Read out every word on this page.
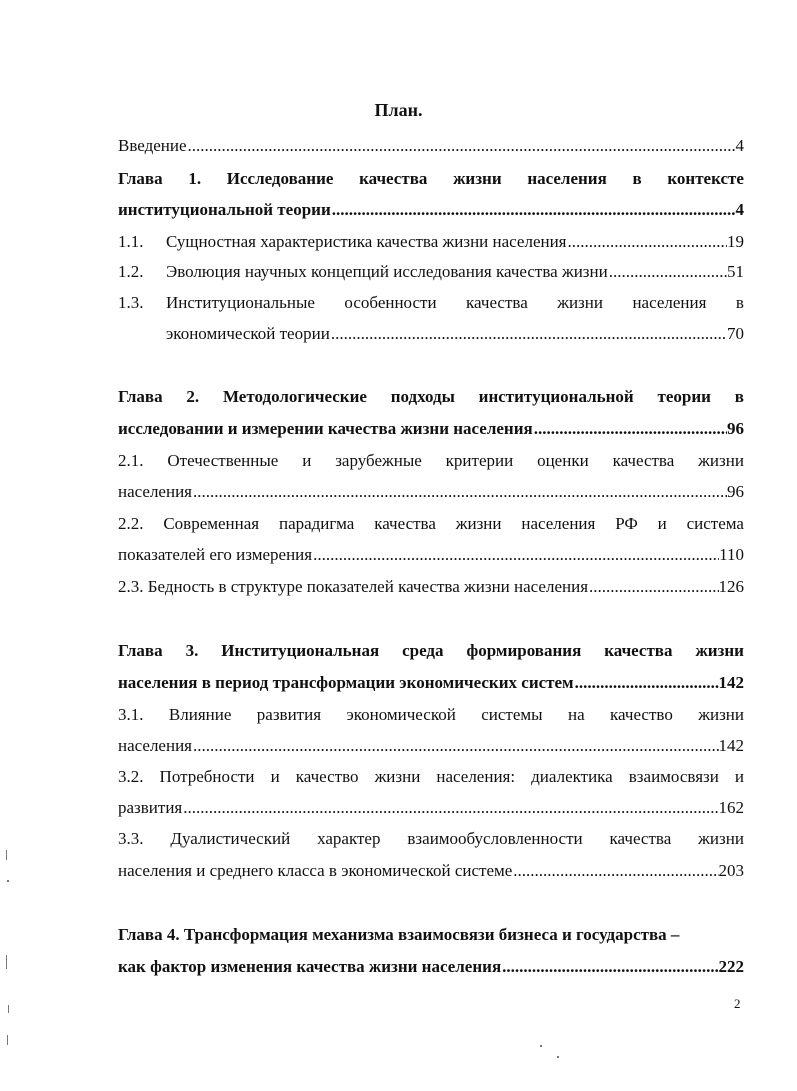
План.
Введение .....	4
Глава 1. Исследование качества жизни населения в контексте
институциональной теории .....	4
1.1. Сущностная характеристика качества жизни населения .....	19
1.2. Эволюция научных концепций исследования качества жизни .....	51
1.3. Институциональные особенности качества жизни населения в
экономической теории .....	70
Глава 2. Методологические подходы институциональной теории в
исследовании и измерении качества жизни населения .....	96
2.1. Отечественные и зарубежные критерии оценки качества жизни
населения .....	96
2.2. Современная парадигма качества жизни населения РФ и система
показателей его измерения .....	110
2.3. Бедность в структуре показателей качества жизни населения .....	126
Глава 3. Институциональная среда формирования качества жизни
населения в период трансформации экономических систем .....	142
3.1. Влияние развития экономической системы на качество жизни
населения .....	142
3.2. Потребности и качество жизни населения: диалектика взаимосвязи и
развития .....	162
3.3. Дуалистический характер взаимообусловленности качества жизни
населения и среднего класса в экономической системе .....	203
Глава 4. Трансформация механизма взаимосвязи бизнеса и государства –
как фактор изменения качества жизни населения .....	222
2
